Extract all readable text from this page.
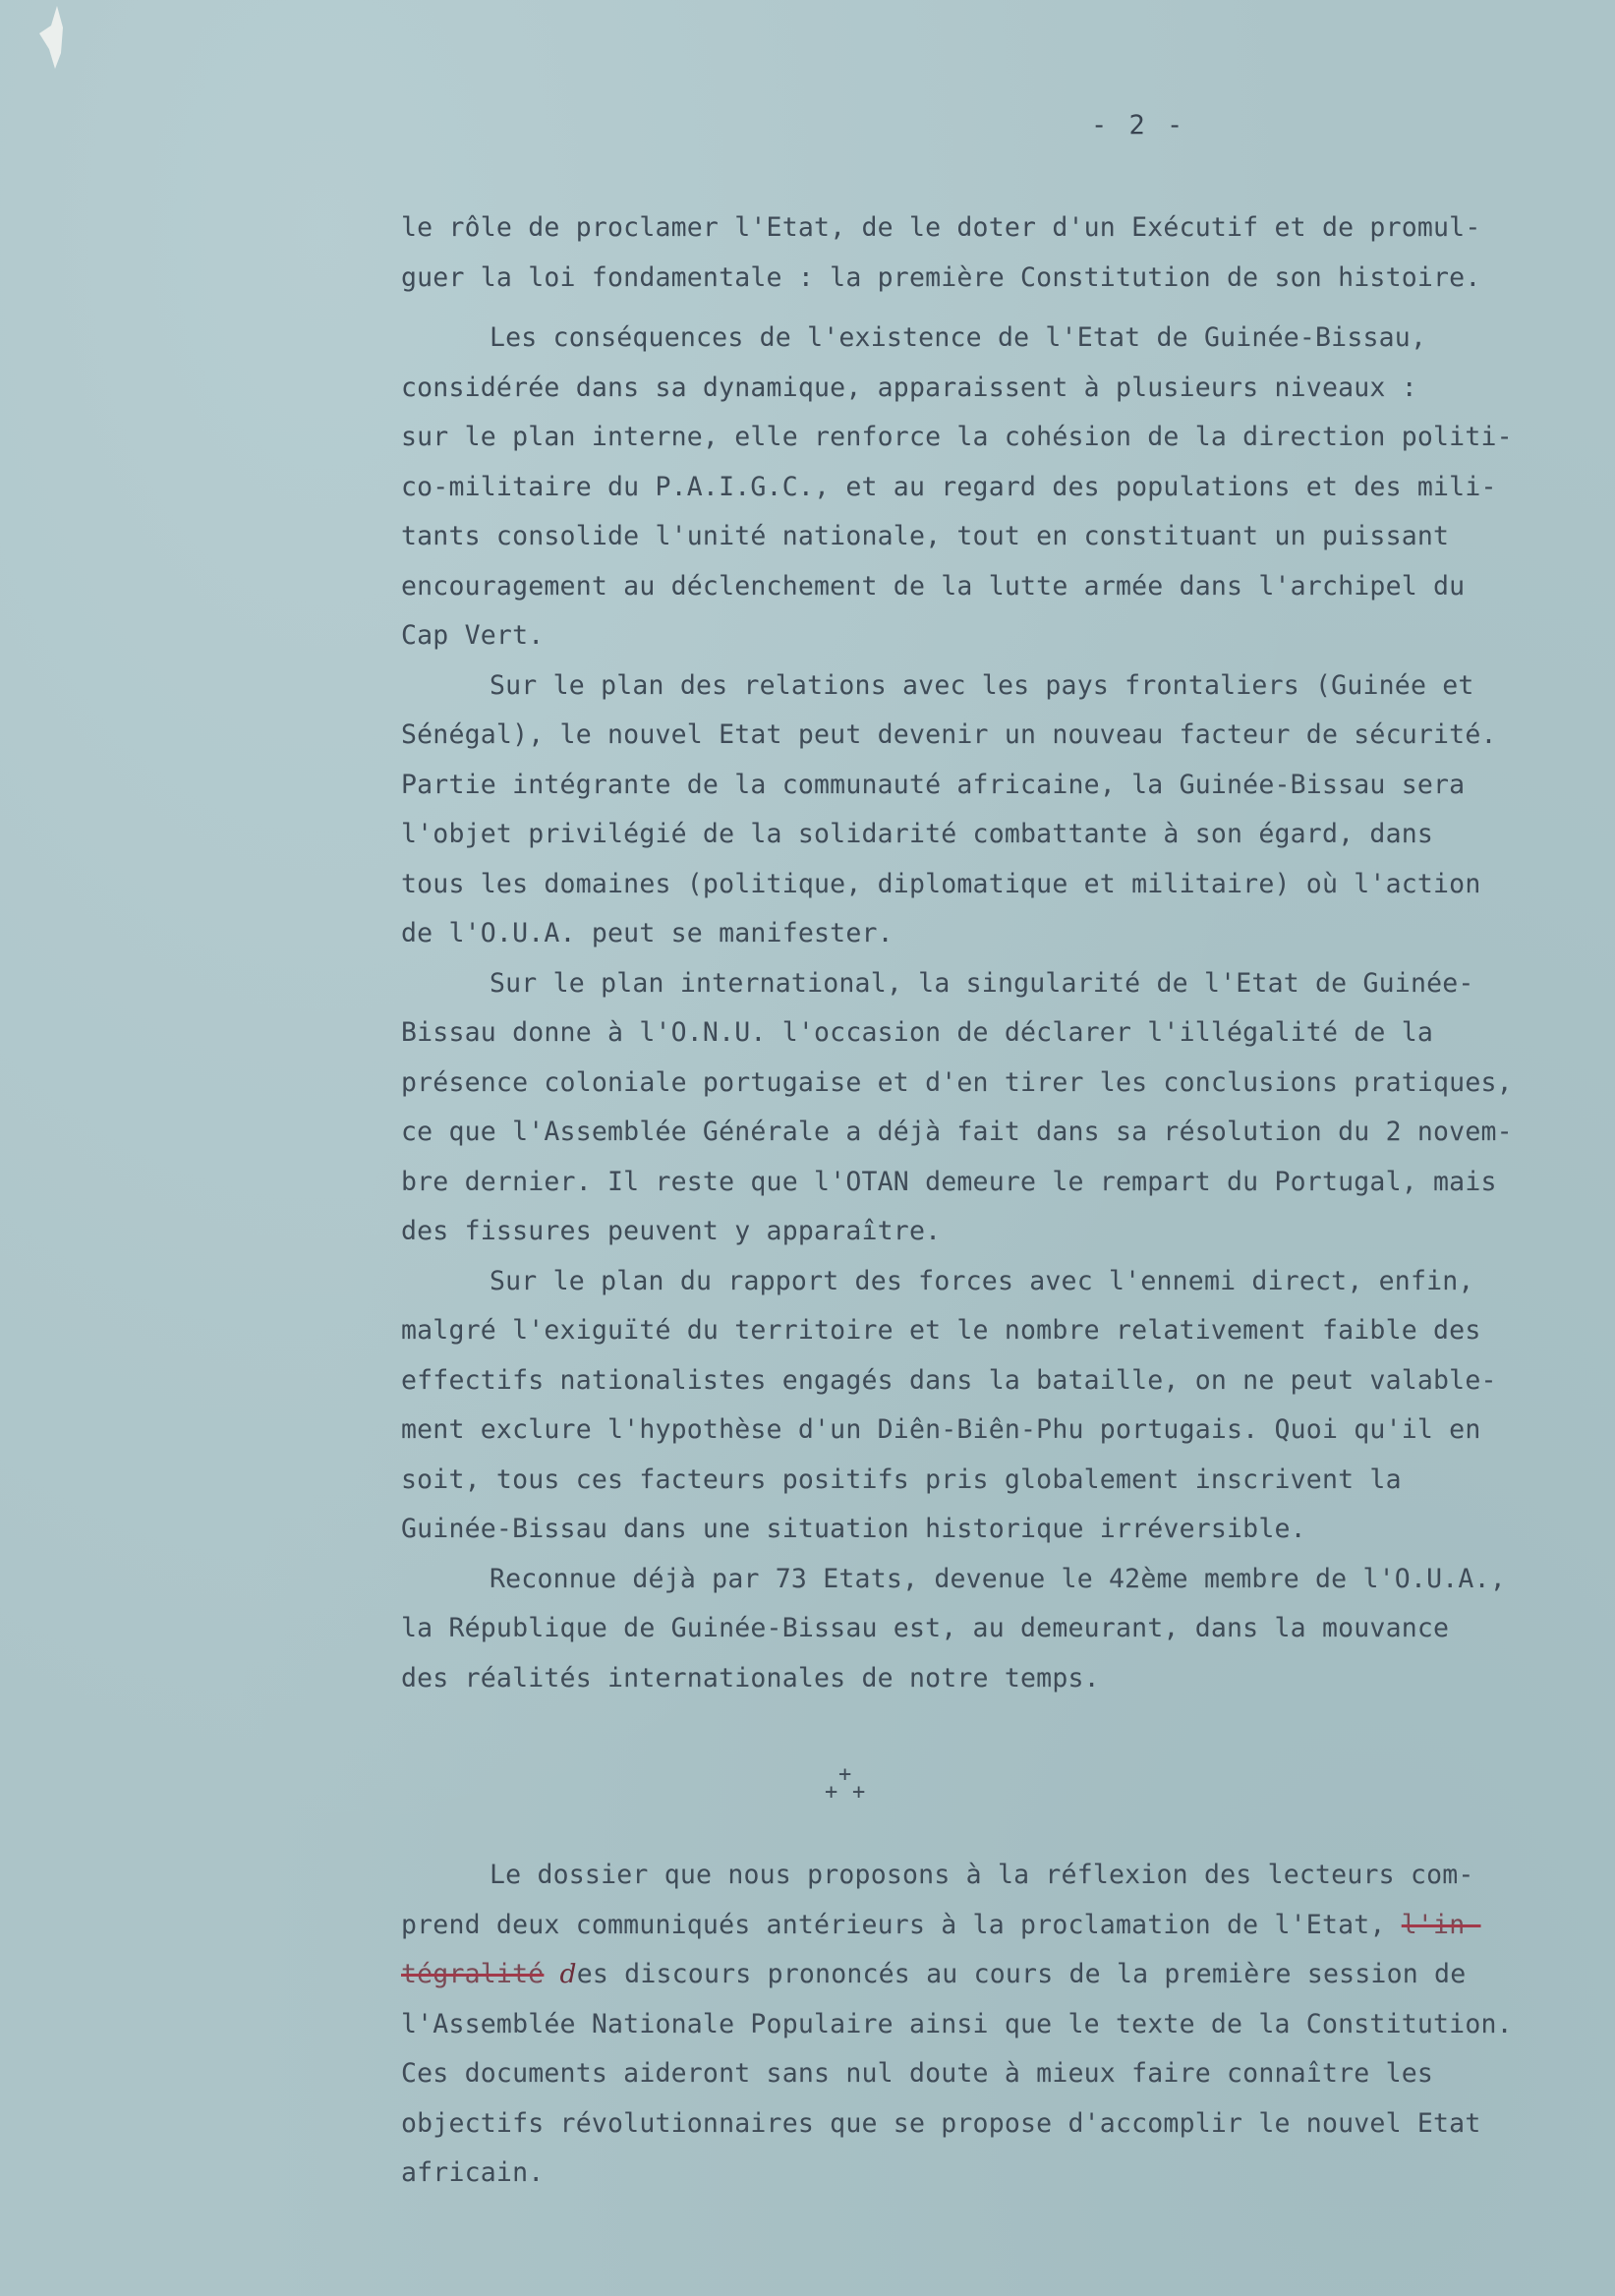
- 2 -
le rôle de proclamer l'Etat, de le doter d'un Exécutif et de promul-
guer la loi fondamentale : la première Constitution de son histoire.
Les conséquences de l'existence de l'Etat de Guinée-Bissau,
considérée dans sa dynamique, apparaissent à plusieurs niveaux :
sur le plan interne, elle renforce la cohésion de la direction politi-
co-militaire du P.A.I.G.C., et au regard des populations et des mili-
tants consolide l'unité nationale, tout en constituant un puissant
encouragement au déclenchement de la lutte armée dans l'archipel du
Cap Vert.
Sur le plan des relations avec les pays frontaliers (Guinée et
Sénégal), le nouvel Etat peut devenir un nouveau facteur de sécurité.
Partie intégrante de la communauté africaine, la Guinée-Bissau sera
l'objet privilégié de la solidarité combattante à son égard, dans
tous les domaines (politique, diplomatique et militaire) où l'action
de l'O.U.A. peut se manifester.
Sur le plan international, la singularité de l'Etat de Guinée-
Bissau donne à l'O.N.U. l'occasion de déclarer l'illégalité de la
présence coloniale portugaise et d'en tirer les conclusions pratiques,
ce que l'Assemblée Générale a déjà fait dans sa résolution du 2 novem-
bre dernier. Il reste que l'OTAN demeure le rempart du Portugal, mais
des fissures peuvent y apparaître.
Sur le plan du rapport des forces avec l'ennemi direct, enfin,
malgré l'exiguïté du territoire et le nombre relativement faible des
effectifs nationalistes engagés dans la bataille, on ne peut valable-
ment exclure l'hypothèse d'un Diên-Biên-Phu portugais. Quoi qu'il en
soit, tous ces facteurs positifs pris globalement inscrivent la
Guinée-Bissau dans une situation historique irréversible.
Reconnue déjà par 73 Etats, devenue le 42ème membre de l'O.U.A.,
la République de Guinée-Bissau est, au demeurant, dans la mouvance
des réalités internationales de notre temps.
+
+ +
Le dossier que nous proposons à la réflexion des lecteurs com-
prend deux communiqués antérieurs à la proclamation de l'Etat, l'in-
tégralité des discours prononcés au cours de la première session de
l'Assemblée Nationale Populaire ainsi que le texte de la Constitution.
Ces documents aideront sans nul doute à mieux faire connaître les
objectifs révolutionnaires que se propose d'accomplir le nouvel Etat
africain.
